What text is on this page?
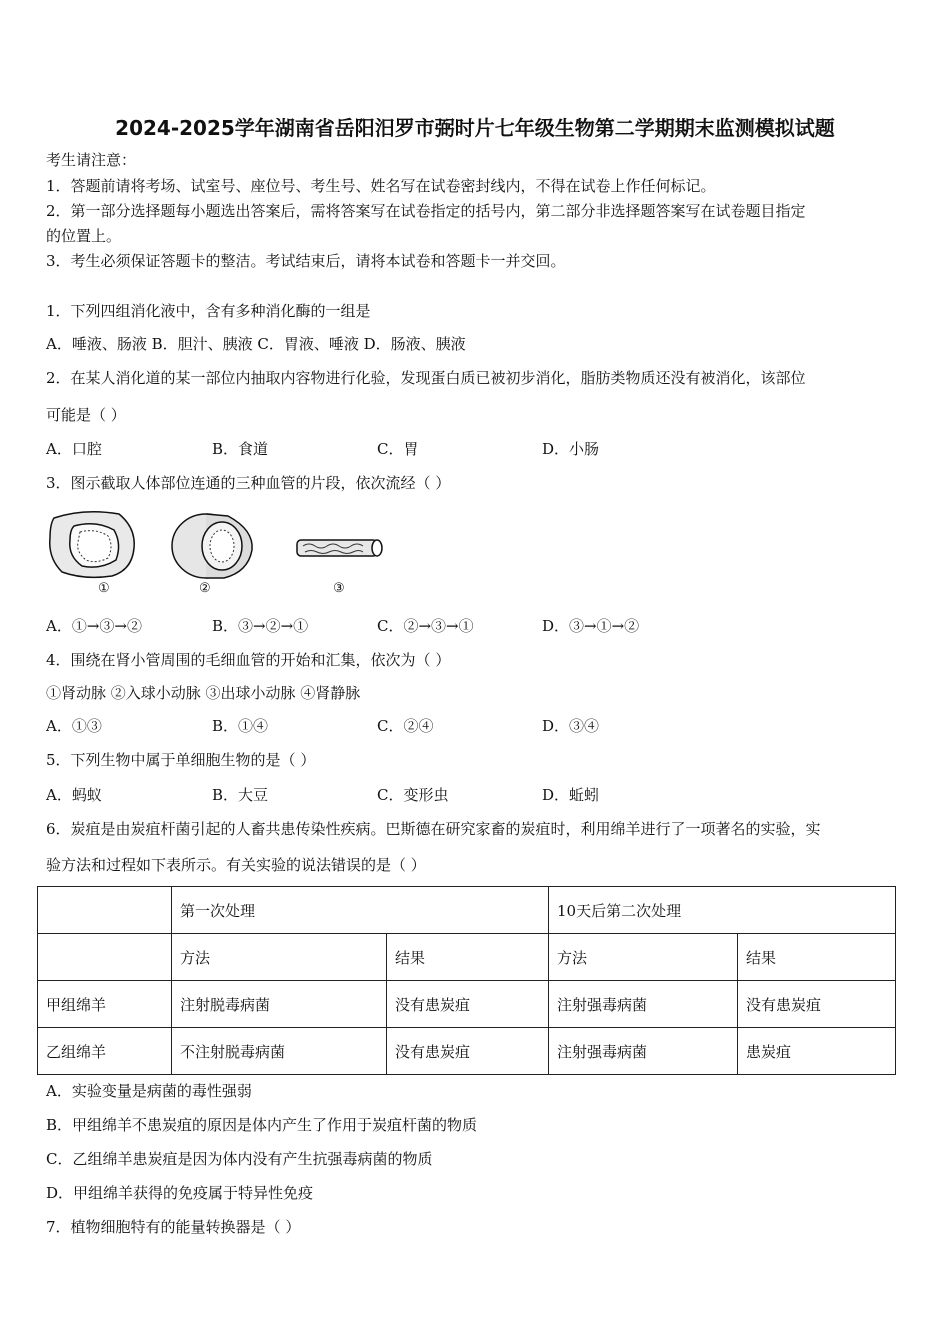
2024-2025学年湖南省岳阳汨罗市弼时片七年级生物第二学期期末监测模拟试题
考生请注意：
1．答题前请将考场、试室号、座位号、考生号、姓名写在试卷密封线内，不得在试卷上作任何标记。
2．第一部分选择题每小题选出答案后，需将答案写在试卷指定的括号内，第二部分非选择题答案写在试卷题目指定
的位置上。
3．考生必须保证答题卡的整洁。考试结束后，请将本试卷和答题卡一并交回。
1．下列四组消化液中，含有多种消化酶的一组是
A．唾液、肠液 B．胆汁、胰液 C．胃液、唾液 D．肠液、胰液
2．在某人消化道的某一部位内抽取内容物进行化验，发现蛋白质已被初步消化，脂肪类物质还没有被消化，该部位
可能是（ ）
A．口腔	B．食道	C．胃	D．小肠
3．图示截取人体部位连通的三种血管的片段，依次流经（ ）
①	②	③
A．①→③→②	B．③→②→①	C．②→③→①	D．③→①→②
4．围绕在肾小管周围的毛细血管的开始和汇集，依次为（ ）
①肾动脉 ②入球小动脉 ③出球小动脉 ④肾静脉
A．①③	B．①④	C．②④	D．③④
5．下列生物中属于单细胞生物的是（ ）
A．蚂蚁	B．大豆	C．变形虫	D．蚯蚓
6．炭疽是由炭疽杆菌引起的人畜共患传染性疾病。巴斯德在研究家畜的炭疽时，利用绵羊进行了一项著名的实验，实
验方法和过程如下表所示。有关实验的说法错误的是（ ）
	第一次处理		10天后第二次处理	
	方法	结果	方法	结果
甲组绵羊	注射脱毒病菌	没有患炭疽	注射强毒病菌	没有患炭疽
乙组绵羊	不注射脱毒病菌	没有患炭疽	注射强毒病菌	患炭疽
A．实验变量是病菌的毒性强弱
B．甲组绵羊不患炭疽的原因是体内产生了作用于炭疽杆菌的物质
C．乙组绵羊患炭疽是因为体内没有产生抗强毒病菌的物质
D．甲组绵羊获得的免疫属于特异性免疫
7．植物细胞特有的能量转换器是（ ）
